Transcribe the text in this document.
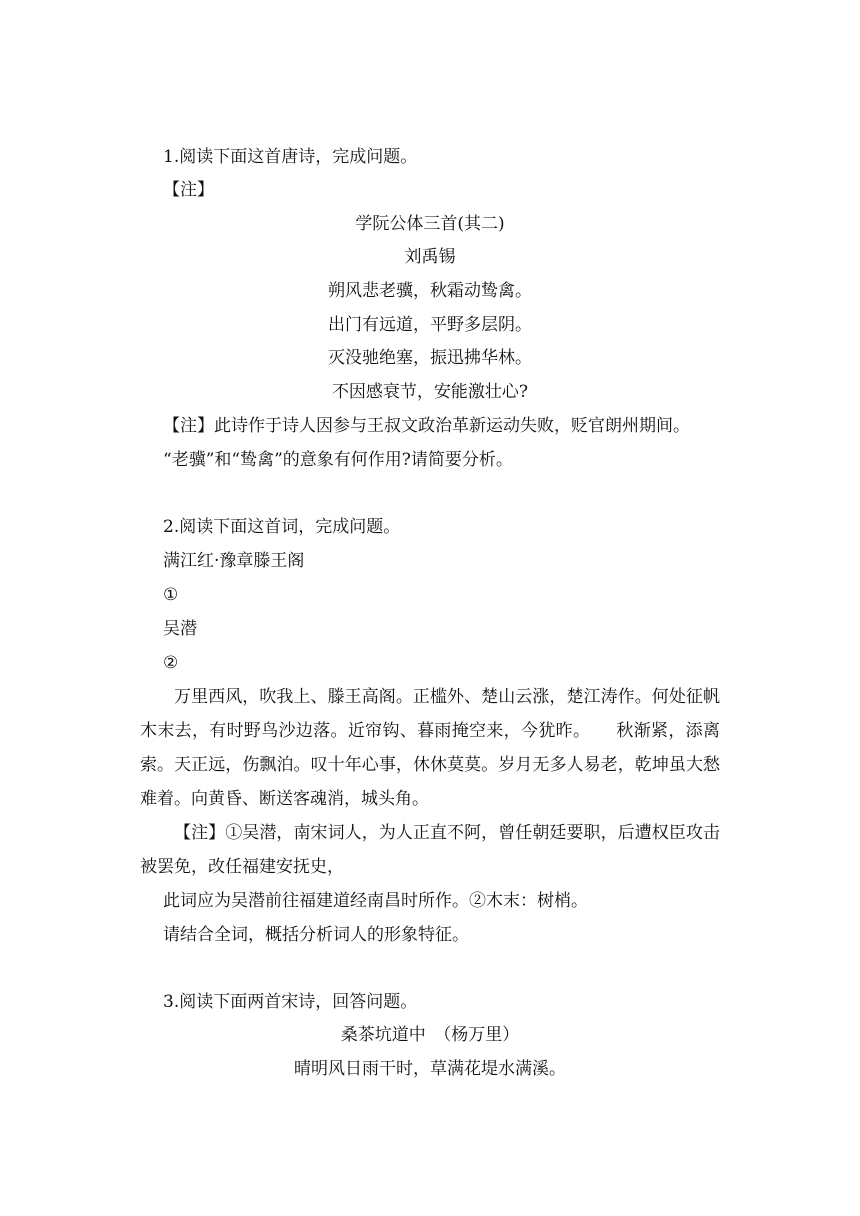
1.阅读下面这首唐诗，完成问题。
【注】
学阮公体三首(其二)
刘禹锡
朔风悲老骥，秋霜动鸷禽。
出门有远道，平野多层阴。
灭没驰绝塞，振迅拂华林。
不因感衰节，安能激壮心?
【注】此诗作于诗人因参与王叔文政治革新运动失败，贬官朗州期间。
“老骥”和“鸷禽”的意象有何作用?请简要分析。
2.阅读下面这首词，完成问题。
满江红·豫章滕王阁
①
吴潜
②

万里西风，吹我上、滕王高阁。正槛外、楚山云涨，楚江涛作。何处征帆木末去，有时野鸟沙边落。近帘钩、暮雨掩空来，今犹昨。　　秋渐紧，添离索。天正远，伤飘泊。叹十年心事，休休莫莫。岁月无多人易老，乾坤虽大愁难着。向黄昏、断送客魂消，城头角。

【注】①吴潜，南宋词人，为人正直不阿，曾任朝廷要职，后遭权臣攻击被罢免，改任福建安抚史，

此词应为吴潜前往福建道经南昌时所作。②木末：树梢。
请结合全词，概括分析词人的形象特征。
3.阅读下面两首宋诗，回答问题。
桑茶坑道中　（杨万里）
晴明风日雨干时，草满花堤水满溪。
